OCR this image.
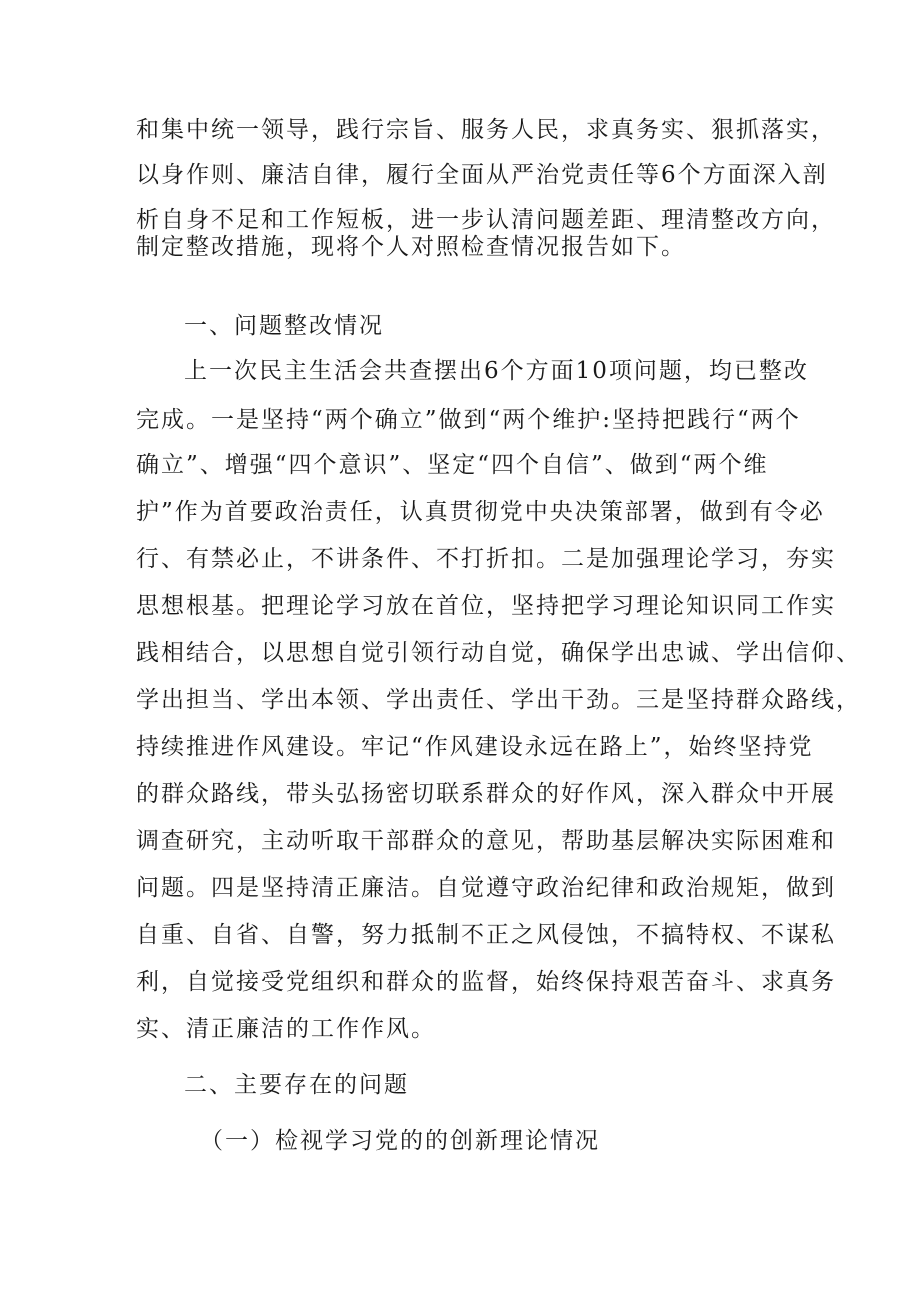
和集中统一领导，践行宗旨、服务人民，求真务实、狠抓落实，
以身作则、廉洁自律，履行全面从严治党责任等6个方面深入剖
析自身不足和工作短板，进一步认清问题差距、理清整改方向，
制定整改措施，现将个人对照检查情况报告如下。
一、问题整改情况
上一次民主生活会共查摆出6个方面10项问题，均已整改
完成。一是坚持“两个确立”做到“两个维护:坚持把践行“两个
确立”、增强“四个意识”、坚定“四个自信”、做到“两个维
护”作为首要政治责任，认真贯彻党中央决策部署，做到有令必
行、有禁必止，不讲条件、不打折扣。二是加强理论学习，夯实
思想根基。把理论学习放在首位，坚持把学习理论知识同工作实
践相结合，以思想自觉引领行动自觉，确保学出忠诚、学出信仰、
学出担当、学出本领、学出责任、学出干劲。三是坚持群众路线，
持续推进作风建设。牢记“作风建设永远在路上”，始终坚持党
的群众路线，带头弘扬密切联系群众的好作风，深入群众中开展
调查研究，主动听取干部群众的意见，帮助基层解决实际困难和
问题。四是坚持清正廉洁。自觉遵守政治纪律和政治规矩，做到
自重、自省、自警，努力抵制不正之风侵蚀，不搞特权、不谋私
利，自觉接受党组织和群众的监督，始终保持艰苦奋斗、求真务
实、清正廉洁的工作作风。
二、主要存在的问题
（一）检视学习党的的创新理论情况
